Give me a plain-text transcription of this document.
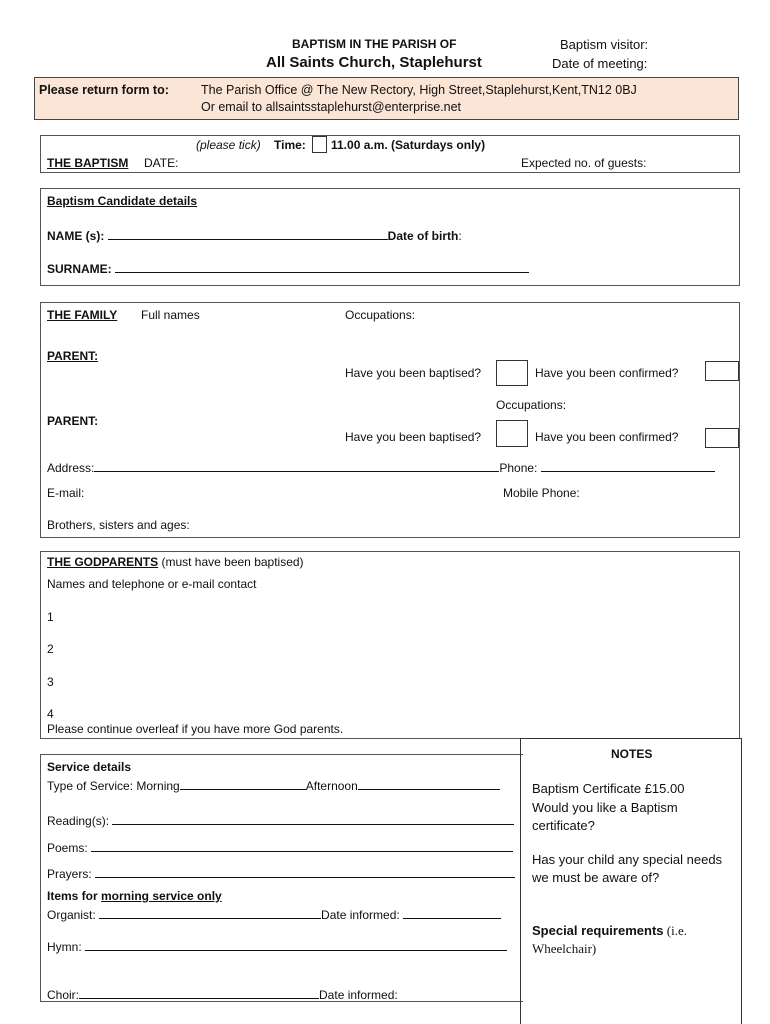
BAPTISM IN THE PARISH OF
All Saints Church, Staplehurst
Baptism visitor:
Date of meeting:
Please return form to:	The Parish Office @ The New Rectory, High Street,Staplehurst,Kent,TN12 0BJ
Or email to allsaintsstaplehurst@enterprise.net
(please tick) Time: 11.00 a.m. (Saturdays only)
THE BAPTISM DATE:	Expected no. of guests:
Baptism Candidate details
NAME (s):	Date of birth:
SURNAME:
THE FAMILY Full names	Occupations:
PARENT:
Have you been baptised?	Have you been confirmed?
Occupations:
PARENT:
Have you been baptised?	Have you been confirmed?
Address:	Phone:
E-mail:	Mobile Phone:
Brothers, sisters and ages:
THE GODPARENTS (must have been baptised)
Names and telephone or e-mail contact
1
2
3
4
Please continue overleaf if you have more God parents.
Service details
Type of Service: Morning	Afternoon
Reading(s):
Poems:
Prayers:
Items for morning service only
Organist:	Date informed:
Hymn:
Choir:	Date informed:
NOTES
Baptism Certificate £15.00
Would you like a Baptism certificate?
Has your child any special needs we must be aware of?
Special requirements (i.e. Wheelchair)
